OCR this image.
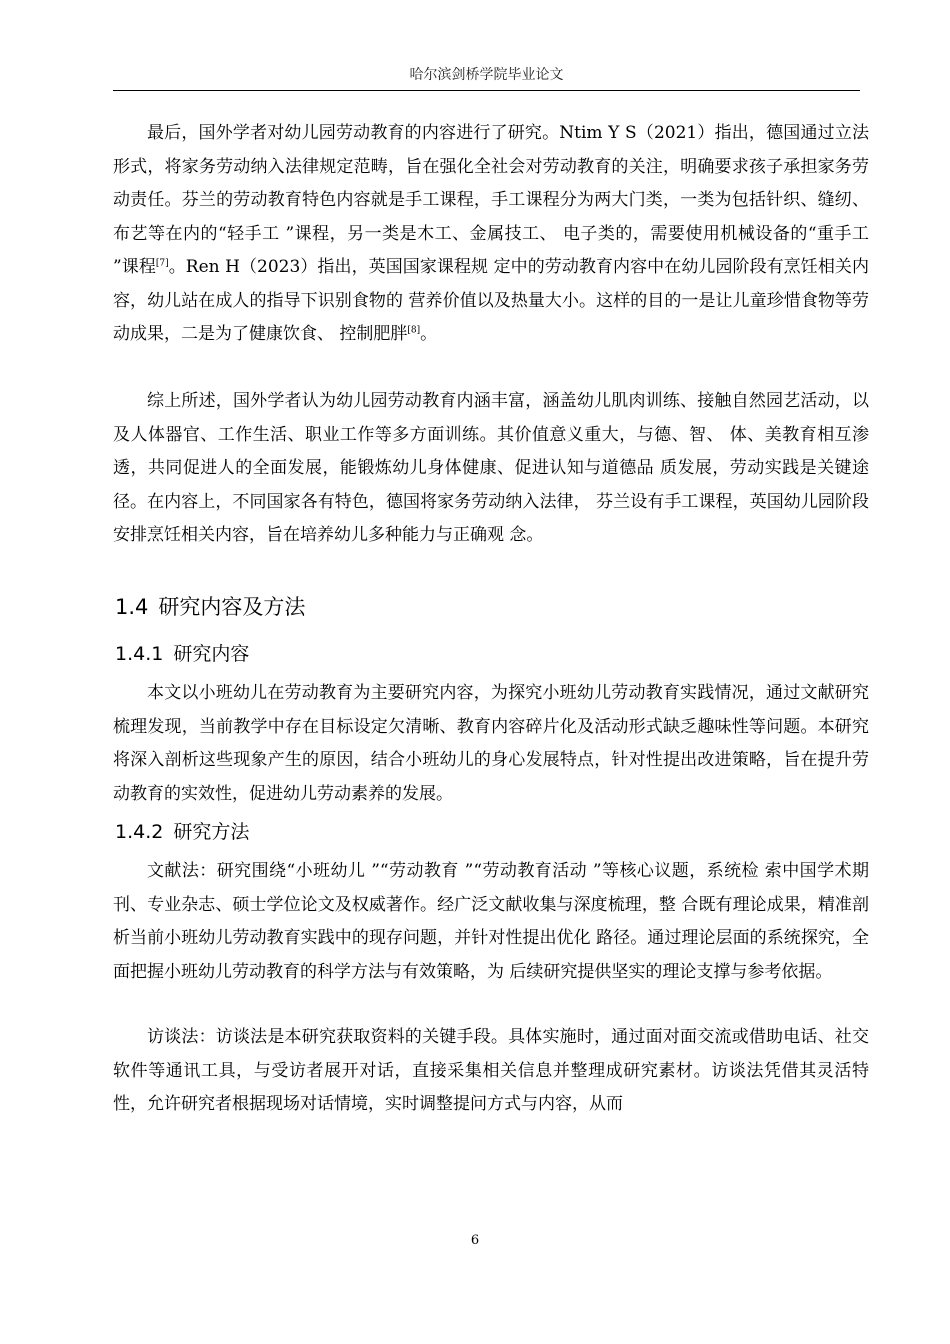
哈尔滨剑桥学院毕业论文

最后，国外学者对幼儿园劳动教育的内容进行了研究。Ntim Y S（2021）指出，德国通过立法形式，将家务劳动纳入法律规定范畴，旨在强化全社会对劳动教育的关注，明确要求孩子承担家务劳动责任。芬兰的劳动教育特色内容就是手工课程，手工课程分为两大门类，一类为包括针织、缝纫、布艺等在内的“轻手工 ”课程，另一类是木工、金属技工、 电子类的，需要使用机械设备的“重手工 ”课程[7]。Ren H（2023）指出，英国国家课程规 定中的劳动教育内容中在幼儿园阶段有烹饪相关内容，幼儿站在成人的指导下识别食物的 营养价值以及热量大小。这样的目的一是让儿童珍惜食物等劳动成果，二是为了健康饮食、 控制肥胖[8]。

综上所述，国外学者认为幼儿园劳动教育内涵丰富，涵盖幼儿肌肉训练、接触自然园艺活动，以及人体器官、工作生活、职业工作等多方面训练。其价值意义重大，与德、智、 体、美教育相互渗透，共同促进人的全面发展，能锻炼幼儿身体健康、促进认知与道德品 质发展，劳动实践是关键途径。在内容上，不同国家各有特色，德国将家务劳动纳入法律， 芬兰设有手工课程，英国幼儿园阶段安排烹饪相关内容，旨在培养幼儿多种能力与正确观 念。

1.4 研究内容及方法
1.4.1 研究内容

本文以小班幼儿在劳动教育为主要研究内容，为探究小班幼儿劳动教育实践情况，通过文献研究梳理发现，当前教学中存在目标设定欠清晰、教育内容碎片化及活动形式缺乏趣味性等问题。本研究将深入剖析这些现象产生的原因，结合小班幼儿的身心发展特点，针对性提出改进策略，旨在提升劳动教育的实效性，促进幼儿劳动素养的发展。

1.4.2 研究方法

文献法：研究围绕“小班幼儿 ”“劳动教育 ”“劳动教育活动 ”等核心议题，系统检 索中国学术期刊、专业杂志、硕士学位论文及权威著作。经广泛文献收集与深度梳理，整 合既有理论成果，精准剖析当前小班幼儿劳动教育实践中的现存问题，并针对性提出优化 路径。通过理论层面的系统探究，全面把握小班幼儿劳动教育的科学方法与有效策略，为 后续研究提供坚实的理论支撑与参考依据。

访谈法：访谈法是本研究获取资料的关键手段。具体实施时，通过面对面交流或借助电话、社交软件等通讯工具，与受访者展开对话，直接采集相关信息并整理成研究素材。访谈法凭借其灵活特性，允许研究者根据现场对话情境，实时调整提问方式与内容，从而

6
